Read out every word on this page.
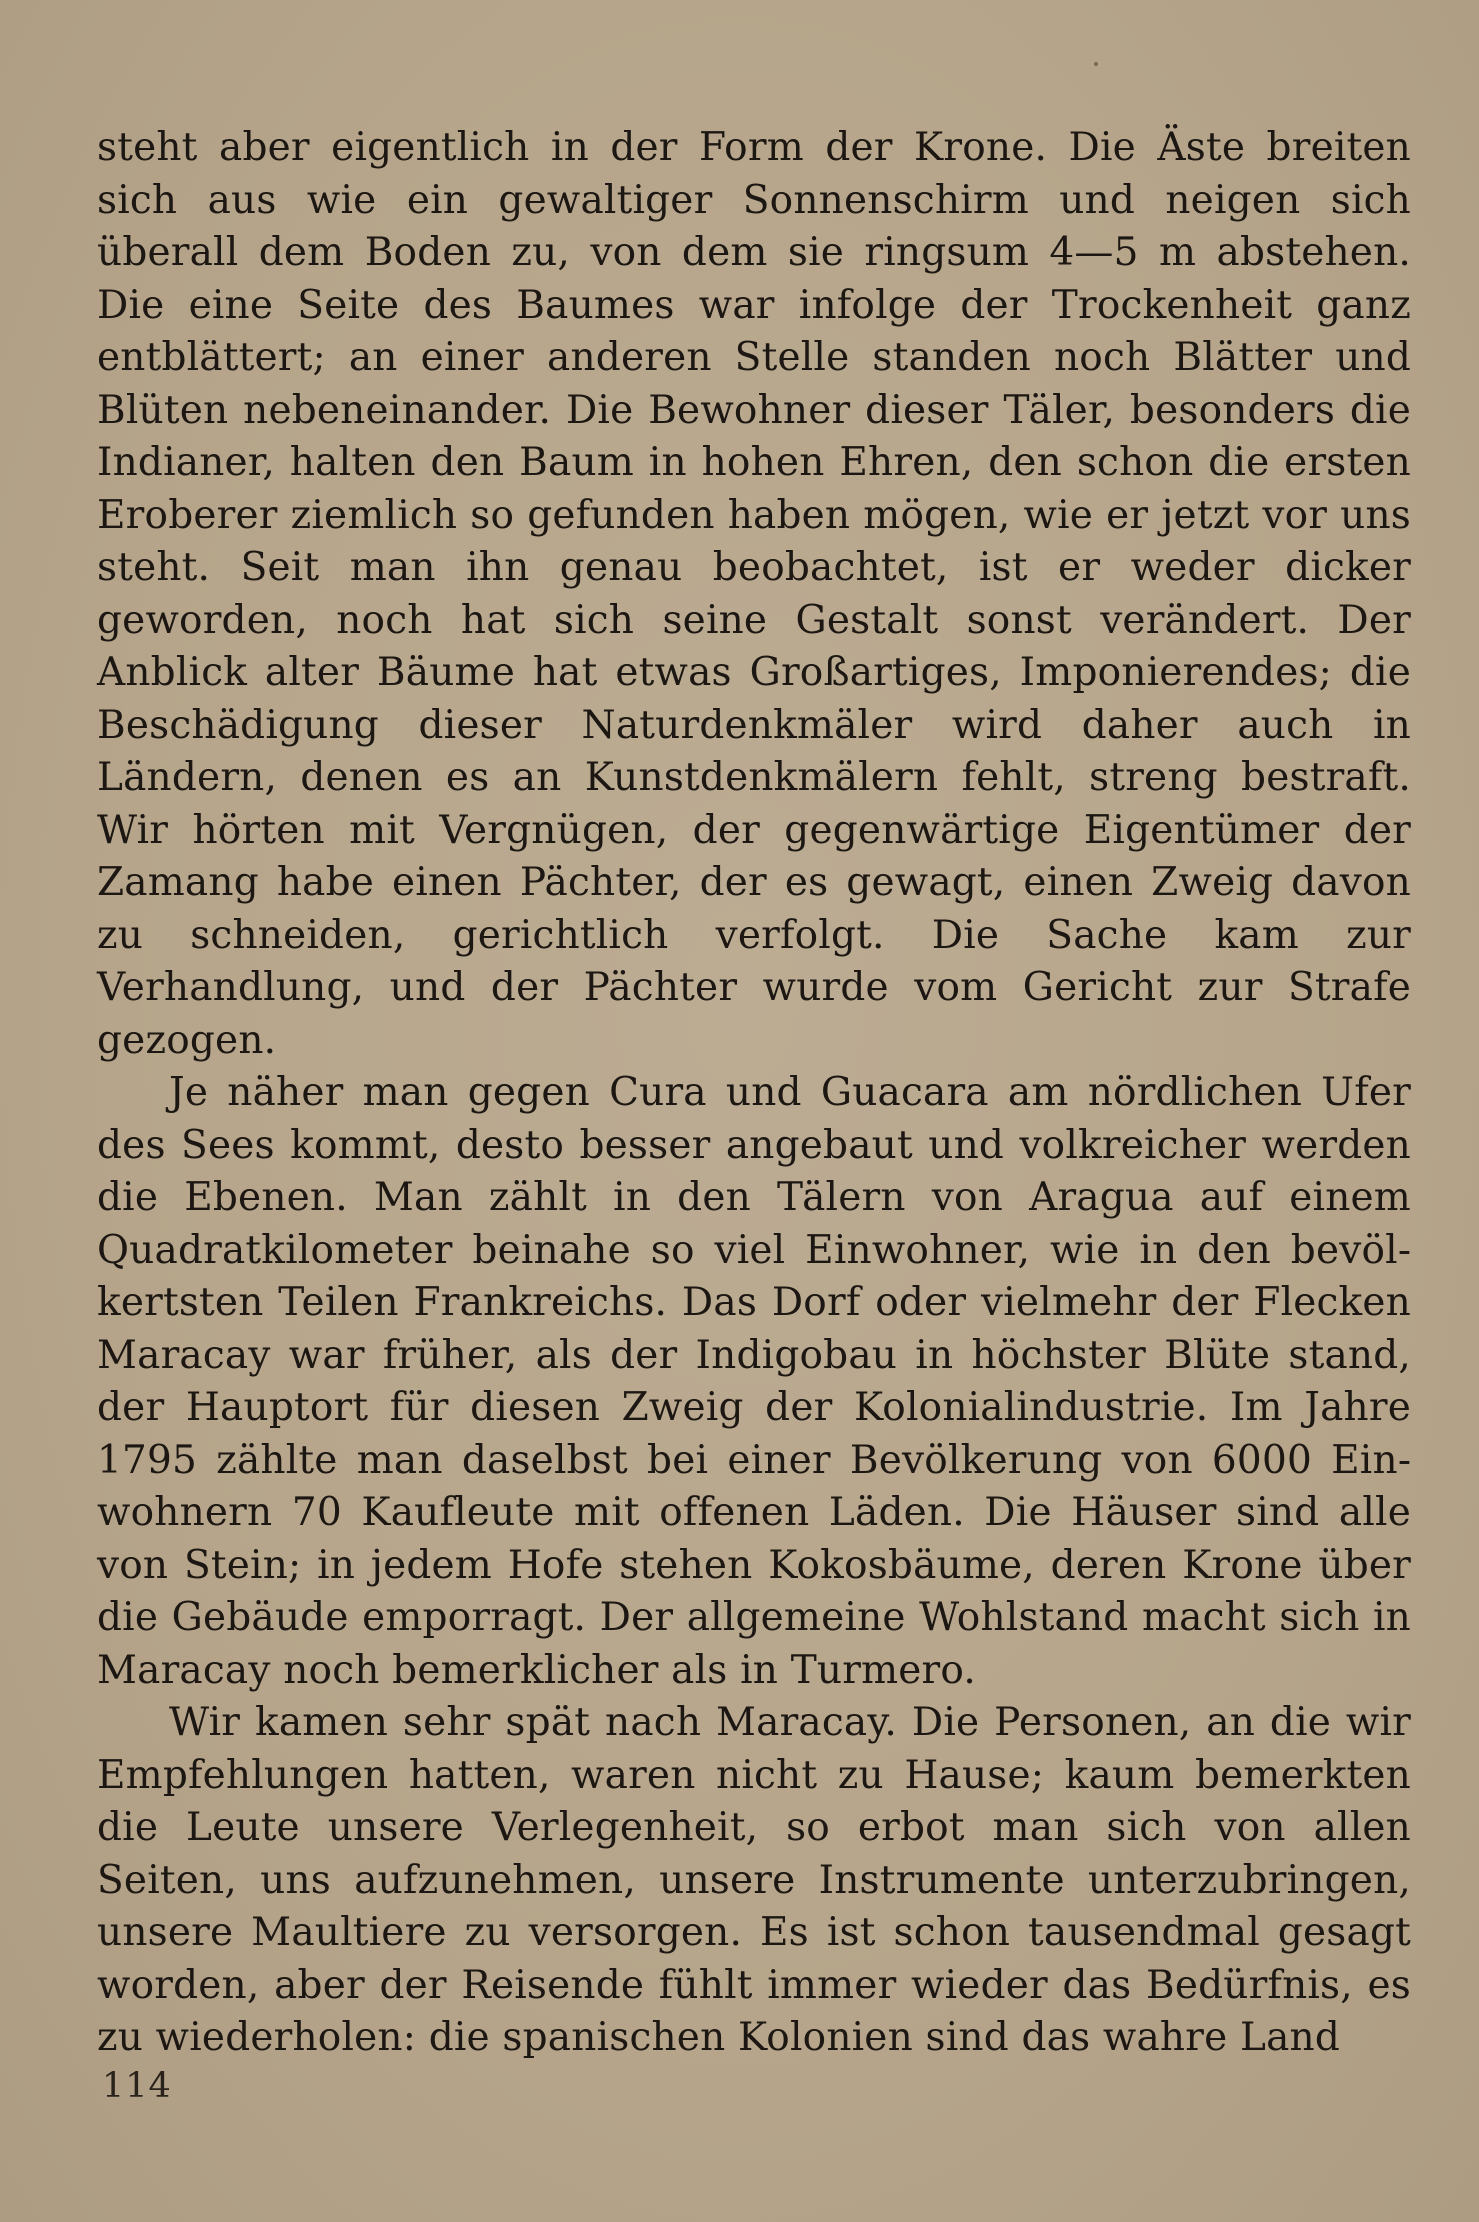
steht aber eigentlich in der Form der Krone. Die Äste breiten sich aus wie ein gewaltiger Sonnenschirm und neigen sich überall dem Boden zu, von dem sie ringsum 4—5 m abstehen. Die eine Seite des Baumes war infolge der Trockenheit ganz entblättert; an einer anderen Stelle standen noch Blätter und Blüten nebeneinander. Die Bewohner dieser Täler, besonders die Indianer, halten den Baum in hohen Ehren, den schon die ersten Eroberer ziemlich so gefunden haben mögen, wie er jetzt vor uns steht. Seit man ihn genau beobachtet, ist er weder dicker geworden, noch hat sich seine Gestalt sonst verändert. Der Anblick alter Bäume hat etwas Großartiges, Imponierendes; die Beschädigung dieser Naturdenkmäler wird daher auch in Ländern, denen es an Kunstdenkmälern fehlt, streng bestraft. Wir hörten mit Vergnügen, der gegenwärtige Eigentümer der Zamang habe einen Pächter, der es gewagt, einen Zweig davon zu schneiden, gerichtlich verfolgt. Die Sache kam zur Verhandlung, und der Pächter wurde vom Gericht zur Strafe gezogen.

Je näher man gegen Cura und Guacara am nördlichen Ufer des Sees kommt, desto besser angebaut und volkreicher werden die Ebenen. Man zählt in den Tälern von Aragua auf einem Quadratkilometer beinahe so viel Einwohner, wie in den bevölkertsten Teilen Frankreichs. Das Dorf oder vielmehr der Flecken Maracay war früher, als der Indigobau in höchster Blüte stand, der Hauptort für diesen Zweig der Kolonialindustrie. Im Jahre 1795 zählte man daselbst bei einer Bevölkerung von 6000 Einwohnern 70 Kaufleute mit offenen Läden. Die Häuser sind alle von Stein; in jedem Hofe stehen Kokosbäume, deren Krone über die Gebäude emporragt. Der allgemeine Wohlstand macht sich in Maracay noch bemerklicher als in Turmero.

Wir kamen sehr spät nach Maracay. Die Personen, an die wir Empfehlungen hatten, waren nicht zu Hause; kaum bemerkten die Leute unsere Verlegenheit, so erbot man sich von allen Seiten, uns aufzunehmen, unsere Instrumente unterzubringen, unsere Maultiere zu versorgen. Es ist schon tausendmal gesagt worden, aber der Reisende fühlt immer wieder das Bedürfnis, es zu wiederholen: die spanischen Kolonien sind das wahre Land

114
